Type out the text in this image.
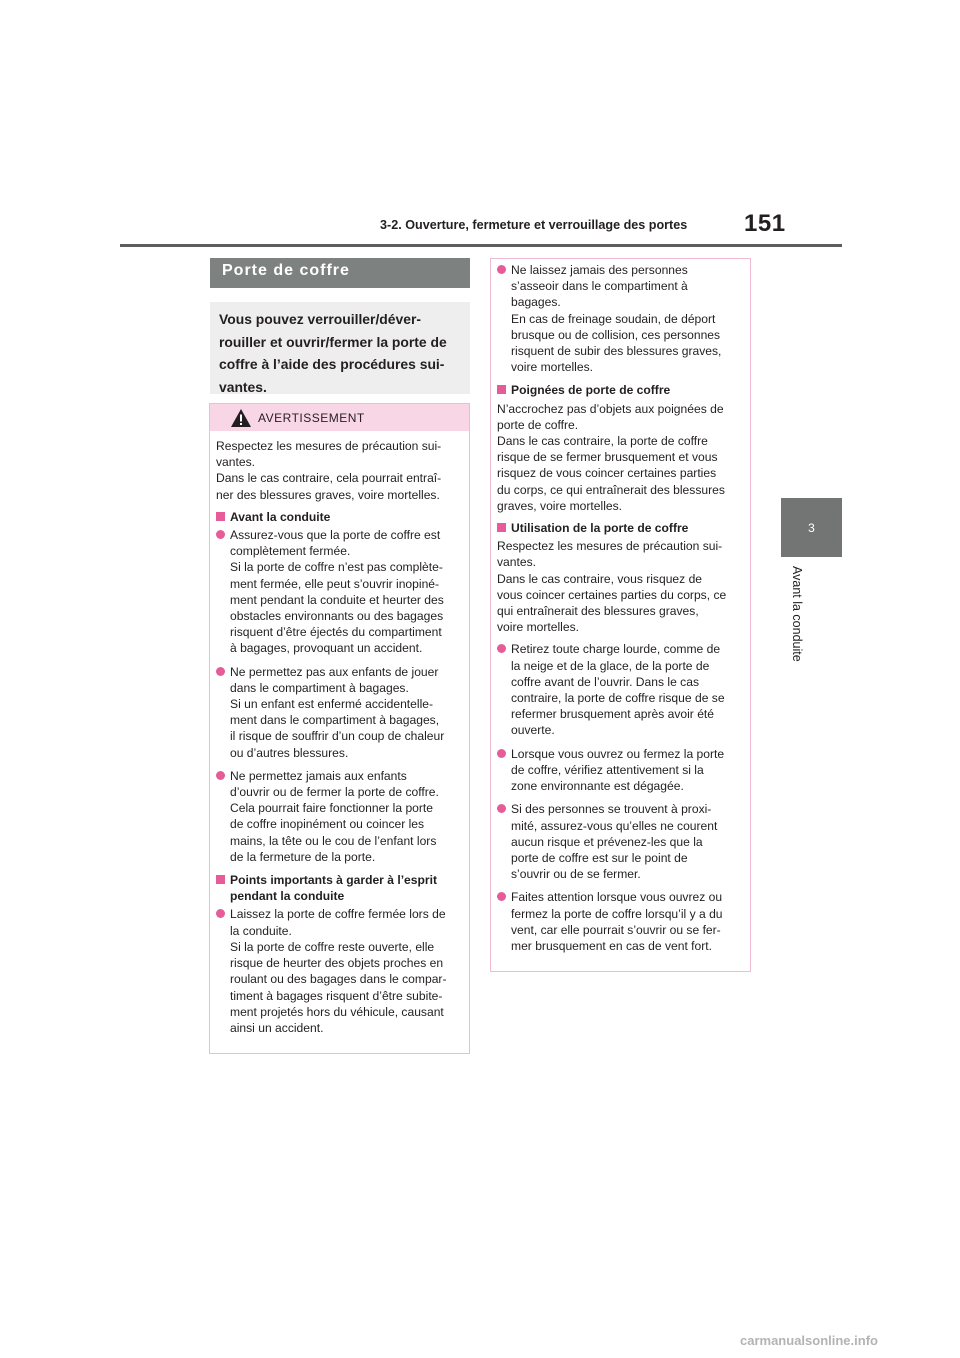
3-2. Ouverture, fermeture et verrouillage des portes	151
3
Avant la conduite
Porte de coffre
Vous pouvez verrouiller/déver-
rouiller et ouvrir/fermer la porte de
coffre à l’aide des procédures sui-
vantes.
AVERTISSEMENT
Respectez les mesures de précaution sui-
vantes.
Dans le cas contraire, cela pourrait entraî-
ner des blessures graves, voire mortelles.
Avant la conduite
Assurez-vous que la porte de coffre est
complètement fermée.
Si la porte de coffre n’est pas complète-
ment fermée, elle peut s’ouvrir inopiné-
ment pendant la conduite et heurter des
obstacles environnants ou des bagages
risquent d’être éjectés du compartiment
à bagages, provoquant un accident.
Ne permettez pas aux enfants de jouer
dans le compartiment à bagages.
Si un enfant est enfermé accidentelle-
ment dans le compartiment à bagages,
il risque de souffrir d’un coup de chaleur
ou d’autres blessures.
Ne permettez jamais aux enfants
d’ouvrir ou de fermer la porte de coffre.
Cela pourrait faire fonctionner la porte
de coffre inopinément ou coincer les
mains, la tête ou le cou de l’enfant lors
de la fermeture de la porte.
Points importants à garder à l’esprit
pendant la conduite
Laissez la porte de coffre fermée lors de
la conduite.
Si la porte de coffre reste ouverte, elle
risque de heurter des objets proches en
roulant ou des bagages dans le compar-
timent à bagages risquent d’être subite-
ment projetés hors du véhicule, causant
ainsi un accident.
Ne laissez jamais des personnes
s’asseoir dans le compartiment à
bagages.
En cas de freinage soudain, de déport
brusque ou de collision, ces personnes
risquent de subir des blessures graves,
voire mortelles.
Poignées de porte de coffre
N’accrochez pas d’objets aux poignées de
porte de coffre.
Dans le cas contraire, la porte de coffre
risque de se fermer brusquement et vous
risquez de vous coincer certaines parties
du corps, ce qui entraînerait des blessures
graves, voire mortelles.
Utilisation de la porte de coffre
Respectez les mesures de précaution sui-
vantes.
Dans le cas contraire, vous risquez de
vous coincer certaines parties du corps, ce
qui entraînerait des blessures graves,
voire mortelles.
Retirez toute charge lourde, comme de
la neige et de la glace, de la porte de
coffre avant de l’ouvrir. Dans le cas
contraire, la porte de coffre risque de se
refermer brusquement après avoir été
ouverte.
Lorsque vous ouvrez ou fermez la porte
de coffre, vérifiez attentivement si la
zone environnante est dégagée.
Si des personnes se trouvent à proxi-
mité, assurez-vous qu’elles ne courent
aucun risque et prévenez-les que la
porte de coffre est sur le point de
s’ouvrir ou de se fermer.
Faites attention lorsque vous ouvrez ou
fermez la porte de coffre lorsqu’il y a du
vent, car elle pourrait s’ouvrir ou se fer-
mer brusquement en cas de vent fort.
carmanualsonline.info
